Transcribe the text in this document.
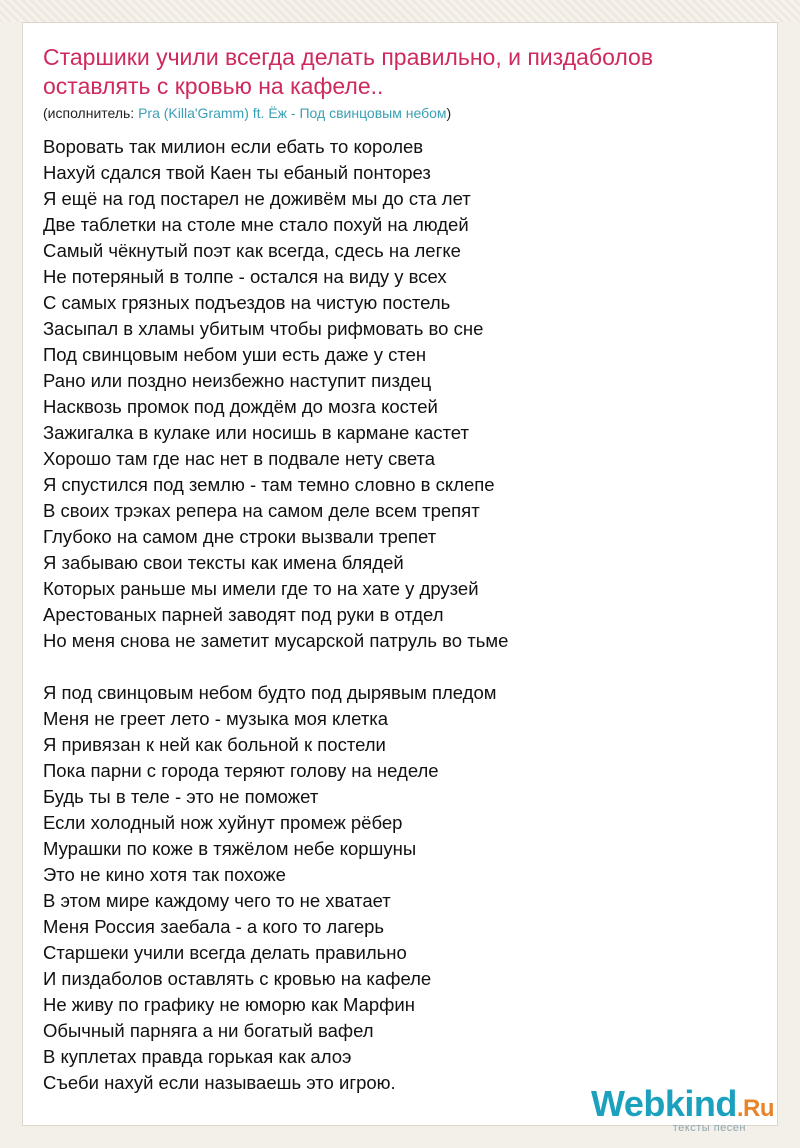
Старшики учили всегда делать правильно, и пиздаболов оставлять с кровью на кафеле..
(исполнитель: Pra (Killa'Gramm) ft. Ёж - Под свинцовым небом)
Воровать так милион если ебать то королев
Нахуй сдался твой Каен ты ебаный понторез
Я ещё на год постарел не доживём мы до ста лет
Две таблетки на столе мне стало похуй на людей
Самый чёкнутый поэт как всегда, сдесь на легке
Не потеряный в толпе - остался на виду у всех
С самых грязных подъездов на чистую постель
Засыпал в хламы убитым чтобы рифмовать во сне
Под свинцовым небом уши есть даже у стен
Рано или поздно неизбежно наступит пиздец
Насквозь промок под дождём до мозга костей
Зажигалка в кулаке или носишь в кармане кастет
Хорошо там где нас нет в подвале нету света
Я спустился под землю - там темно словно в склепе
В своих трэках репера на самом деле всем трепят
Глубоко на самом дне строки вызвали трепет
Я забываю свои тексты как имена блядей
Которых раньше мы имели где то на хате у друзей
Арестованых парней заводят под руки в отдел
Но меня снова не заметит мусарской патруль во тьме
Я под свинцовым небом будто под дырявым пледом
Меня не греет лето - музыка моя клетка
Я привязан к ней как больной к постели
Пока парни с города теряют голову на неделе
Будь ты в теле - это не поможет
Если холодный нож хуйнут промеж рёбер
Мурашки по коже в тяжёлом небе коршуны
Это не кино хотя так похоже
В этом мире каждому чего то не хватает
Меня Россия заебала - а кого то лагерь
Старшеки учили всегда делать правильно
И пиздаболов оставлять с кровью на кафеле
Не живу по графику не юморю как Марфин
Обычный парняга а ни богатый вафел
В куплетах правда горькая как алоэ
Съеби нахуй если называешь это игрою.
Webkind.Ru
тексты песен
